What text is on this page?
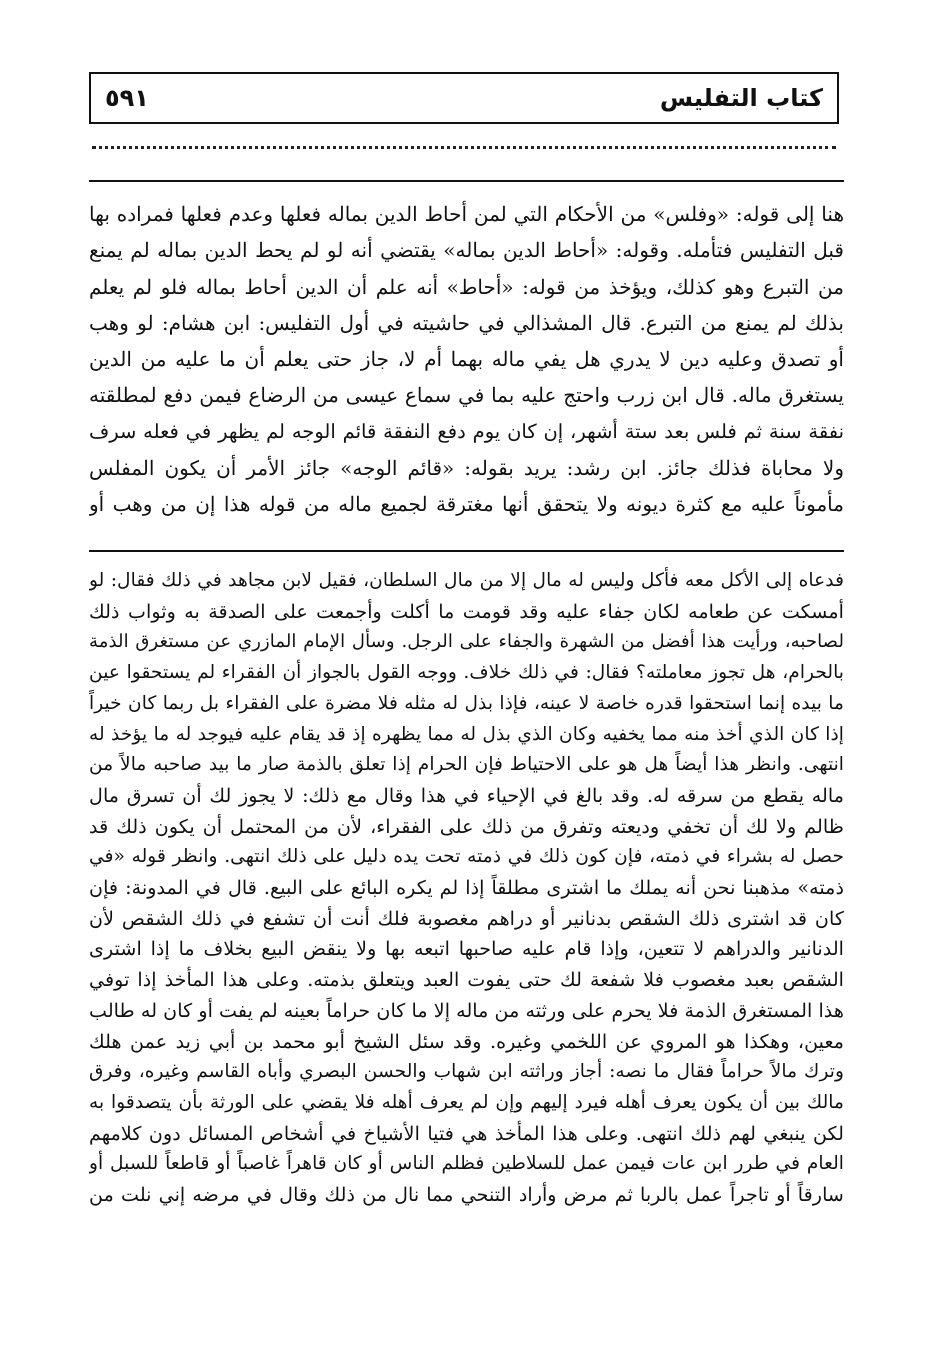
كتاب التفليس
٥٩١
هنا إلى قوله: «وفلس» من الأحكام التي لمن أحاط الدين بماله فعلها وعدم فعلها فمراده بها
قبل التفليس فتأمله. وقوله: «أحاط الدين بماله» يقتضي أنه لو لم يحط الدين بماله لم يمنع
من التبرع وهو كذلك، ويؤخذ من قوله: «أحاط» أنه علم أن الدين أحاط بماله فلو لم يعلم
بذلك لم يمنع من التبرع. قال المشذالي في حاشيته في أول التفليس: ابن هشام: لو وهب
أو تصدق وعليه دين لا يدري هل يفي ماله بهما أم لا، جاز حتى يعلم أن ما عليه من الدين
يستغرق ماله. قال ابن زرب واحتج عليه بما في سماع عيسى من الرضاع فيمن دفع لمطلقته
نفقة سنة ثم فلس بعد ستة أشهر، إن كان يوم دفع النفقة قائم الوجه لم يظهر في فعله سرف
ولا محاباة فذلك جائز. ابن رشد: يريد بقوله: «قائم الوجه» جائز الأمر أن يكون المفلس
مأموناً عليه مع كثرة ديونه ولا يتحقق أنها مغترقة لجميع ماله من قوله هذا إن من وهب أو
فدعاه إلى الأكل معه فأكل وليس له مال إلا من مال السلطان، فقيل لابن مجاهد في ذلك فقال: لو
أمسكت عن طعامه لكان جفاء عليه وقد قومت ما أكلت وأجمعت على الصدقة به وثواب ذلك
لصاحبه، ورأيت هذا أفضل من الشهرة والجفاء على الرجل. وسأل الإمام المازري عن مستغرق الذمة
بالحرام، هل تجوز معاملته؟ فقال: في ذلك خلاف. ووجه القول بالجواز أن الفقراء لم يستحقوا عين
ما بيده إنما استحقوا قدره خاصة لا عينه، فإذا بذل له مثله فلا مضرة على الفقراء بل ربما كان خيراً
إذا كان الذي أخذ منه مما يخفيه وكان الذي بذل له مما يظهره إذ قد يقام عليه فيوجد له ما يؤخذ له
انتهى. وانظر هذا أيضاً هل هو على الاحتياط فإن الحرام إذا تعلق بالذمة صار ما بيد صاحبه مالاً من
ماله يقطع من سرقه له. وقد بالغ في الإحياء في هذا وقال مع ذلك: لا يجوز لك أن تسرق مال
ظالم ولا لك أن تخفي وديعته وتفرق من ذلك على الفقراء، لأن من المحتمل أن يكون ذلك قد
حصل له بشراء في ذمته، فإن كون ذلك في ذمته تحت يده دليل على ذلك انتهى. وانظر قوله «في
ذمته» مذهبنا نحن أنه يملك ما اشترى مطلقاً إذا لم يكره البائع على البيع. قال في المدونة: فإن
كان قد اشترى ذلك الشقص بدنانير أو دراهم مغصوبة فلك أنت أن تشفع في ذلك الشقص لأن
الدنانير والدراهم لا تتعين، وإذا قام عليه صاحبها اتبعه بها ولا ينقض البيع بخلاف ما إذا اشترى
الشقص بعبد مغصوب فلا شفعة لك حتى يفوت العبد ويتعلق بذمته. وعلى هذا المأخذ إذا توفي
هذا المستغرق الذمة فلا يحرم على ورثته من ماله إلا ما كان حراماً بعينه لم يفت أو كان له طالب
معين، وهكذا هو المروي عن اللخمي وغيره. وقد سئل الشيخ أبو محمد بن أبي زيد عمن هلك
وترك مالاً حراماً فقال ما نصه: أجاز وراثته ابن شهاب والحسن البصري وأباه القاسم وغيره، وفرق
مالك بين أن يكون يعرف أهله فيرد إليهم وإن لم يعرف أهله فلا يقضي على الورثة بأن يتصدقوا به
لكن ينبغي لهم ذلك انتهى. وعلى هذا المأخذ هي فتيا الأشياخ في أشخاص المسائل دون كلامهم
العام في طرر ابن عات فيمن عمل للسلاطين فظلم الناس أو كان قاهراً غاصباً أو قاطعاً للسبل أو
سارقاً أو تاجراً عمل بالربا ثم مرض وأراد التنحي مما نال من ذلك وقال في مرضه إني نلت من
